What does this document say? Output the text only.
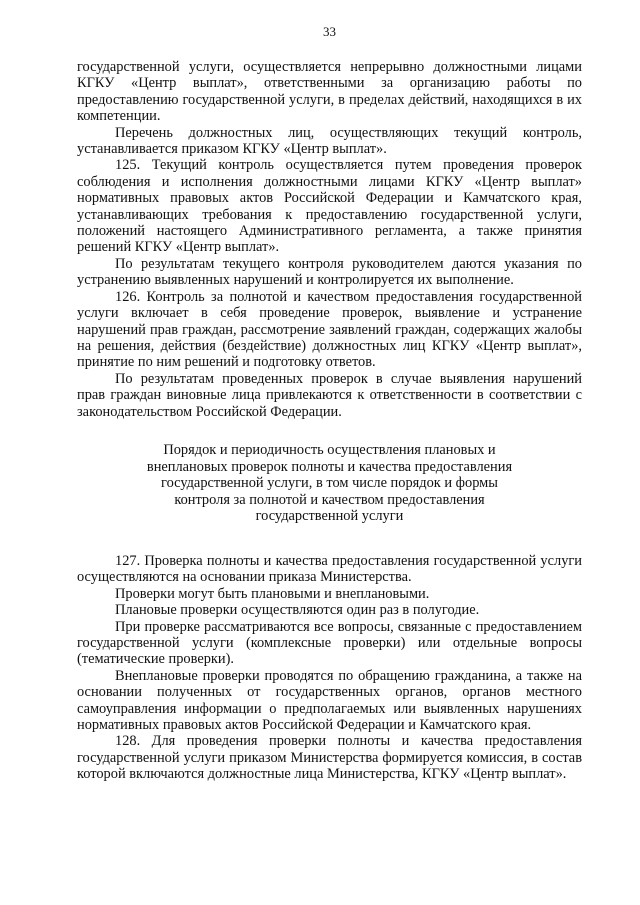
33

государственной услуги, осуществляется непрерывно должностными лицами КГКУ «Центр выплат», ответственными за организацию работы по предоставлению государственной услуги, в пределах действий, находящихся в их компетенции.

Перечень должностных лиц, осуществляющих текущий контроль, устанавливается приказом КГКУ «Центр выплат».

125. Текущий контроль осуществляется путем проведения проверок соблюдения и исполнения должностными лицами КГКУ «Центр выплат» нормативных правовых актов Российской Федерации и Камчатского края, устанавливающих требования к предоставлению государственной услуги, положений настоящего Административного регламента, а также принятия решений КГКУ «Центр выплат».

По результатам текущего контроля руководителем даются указания по устранению выявленных нарушений и контролируется их выполнение.

126. Контроль за полнотой и качеством предоставления государственной услуги включает в себя проведение проверок, выявление и устранение нарушений прав граждан, рассмотрение заявлений граждан, содержащих жалобы на решения, действия (бездействие) должностных лиц КГКУ «Центр выплат», принятие по ним решений и подготовку ответов.

По результатам проведенных проверок в случае выявления нарушений прав граждан виновные лица привлекаются к ответственности в соответствии с законодательством Российской Федерации.

Порядок и периодичность осуществления плановых и
внеплановых проверок полноты и качества предоставления
государственной услуги, в том числе порядок и формы
контроля за полнотой и качеством предоставления
государственной услуги

127. Проверка полноты и качества предоставления государственной услуги осуществляются на основании приказа Министерства.

Проверки могут быть плановыми и внеплановыми.

Плановые проверки осуществляются один раз в полугодие.

При проверке рассматриваются все вопросы, связанные с предоставлением государственной услуги (комплексные проверки) или отдельные вопросы (тематические проверки).

Внеплановые проверки проводятся по обращению гражданина, а также на основании полученных от государственных органов, органов местного самоуправления информации о предполагаемых или выявленных нарушениях нормативных правовых актов Российской Федерации и Камчатского края.

128. Для проведения проверки полноты и качества предоставления государственной услуги приказом Министерства формируется комиссия, в состав которой включаются должностные лица Министерства, КГКУ «Центр выплат».
